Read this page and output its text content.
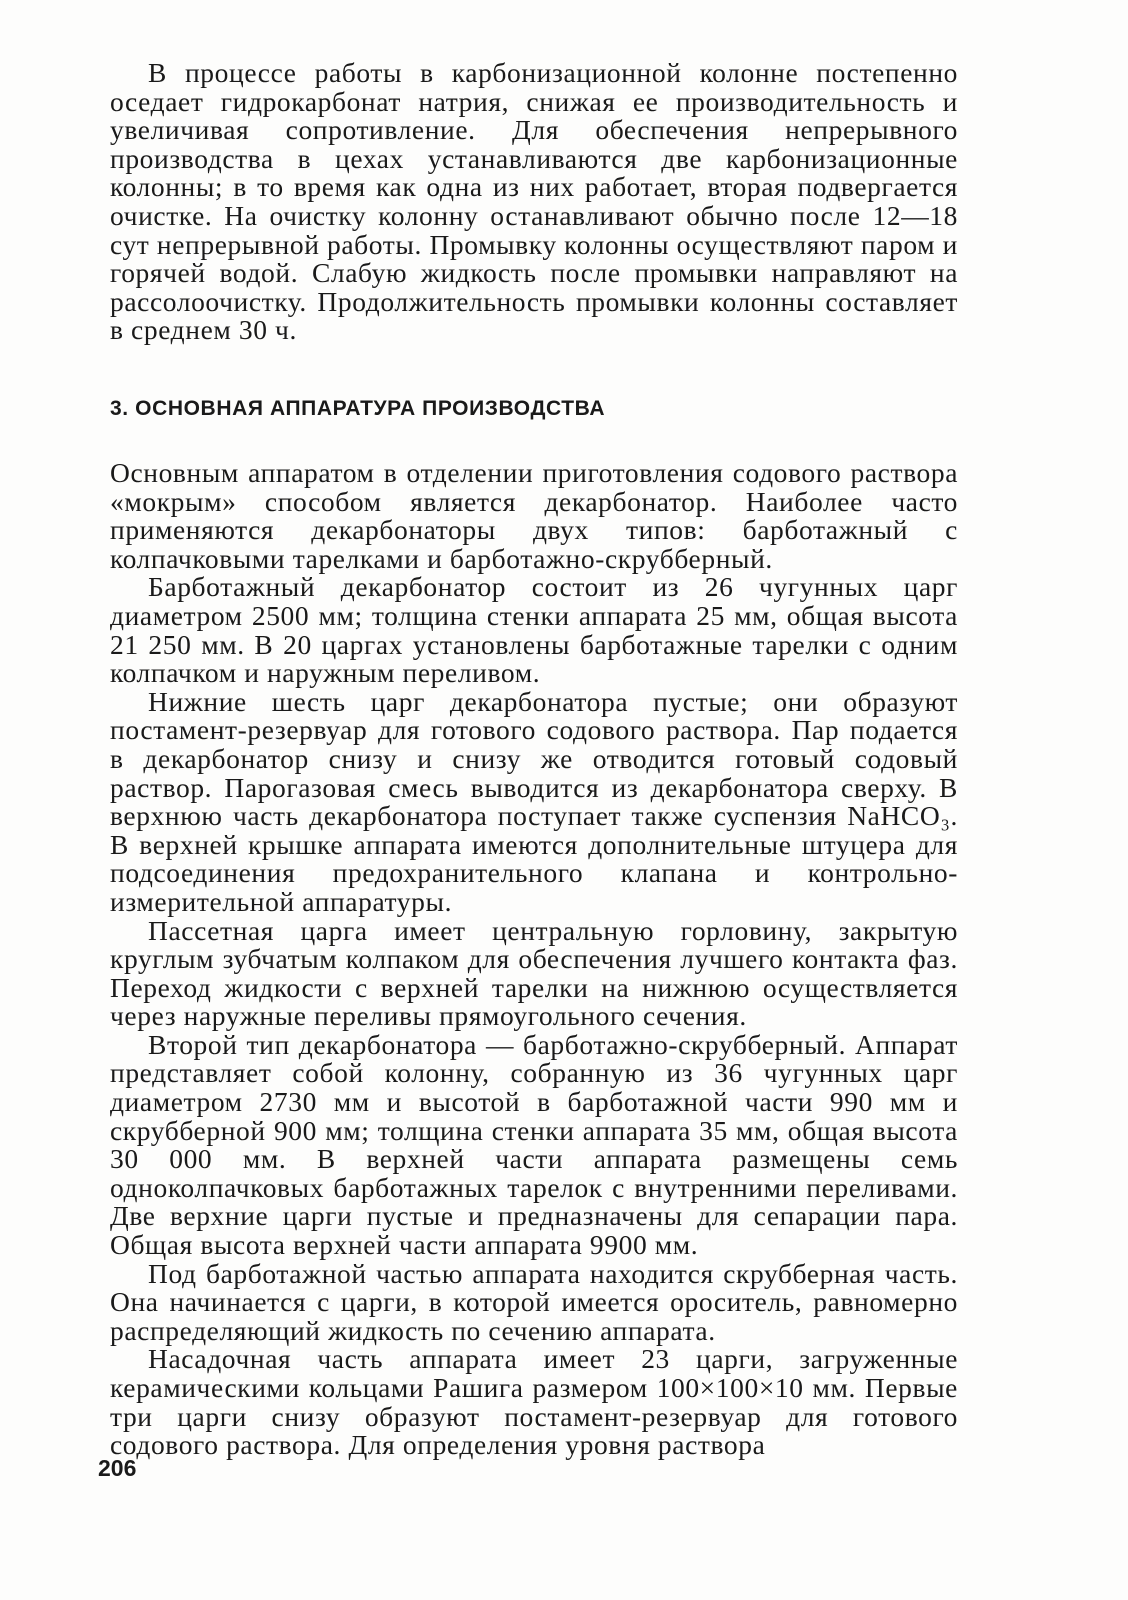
В процессе работы в карбонизационной колонне постепенно оседает гидрокарбонат натрия, снижая ее производительность и увеличивая сопротивление. Для обеспечения непрерывного производства в цехах устанавливаются две карбонизационные колонны; в то время как одна из них работает, вторая подвергается очистке. На очистку колонну останавливают обычно после 12—18 сут непрерывной работы. Промывку колонны осуществляют паром и горячей водой. Слабую жидкость после промывки направляют на рассолоочистку. Продолжительность промывки колонны составляет в среднем 30 ч.

3. ОСНОВНАЯ АППАРАТУРА ПРОИЗВОДСТВА

Основным аппаратом в отделении приготовления содового раствора «мокрым» способом является декарбонатор. Наиболее часто применяются декарбонаторы двух типов: барботажный с колпачковыми тарелками и барботажно-скрубберный.

Барботажный декарбонатор состоит из 26 чугунных царг диаметром 2500 мм; толщина стенки аппарата 25 мм, общая высота 21 250 мм. В 20 царгах установлены барботажные тарелки с одним колпачком и наружным переливом.

Нижние шесть царг декарбонатора пустые; они образуют постамент-резервуар для готового содового раствора. Пар подается в декарбонатор снизу и снизу же отводится готовый содовый раствор. Парогазовая смесь выводится из декарбонатора сверху. В верхнюю часть декарбонатора поступает также суспензия NaHCO₃. В верхней крышке аппарата имеются дополнительные штуцера для подсоединения предохранительного клапана и контрольно-измерительной аппаратуры.

Пассетная царга имеет центральную горловину, закрытую круглым зубчатым колпаком для обеспечения лучшего контакта фаз. Переход жидкости с верхней тарелки на нижнюю осуществляется через наружные переливы прямоугольного сечения.

Второй тип декарбонатора — барботажно-скрубберный. Аппарат представляет собой колонну, собранную из 36 чугунных царг диаметром 2730 мм и высотой в барботажной части 990 мм и скрубберной 900 мм; толщина стенки аппарата 35 мм, общая высота 30 000 мм. В верхней части аппарата размещены семь одноколпачковых барботажных тарелок с внутренними переливами. Две верхние царги пустые и предназначены для сепарации пара. Общая высота верхней части аппарата 9900 мм.

Под барботажной частью аппарата находится скрубберная часть. Она начинается с царги, в которой имеется ороситель, равномерно распределяющий жидкость по сечению аппарата.

Насадочная часть аппарата имеет 23 царги, загруженные керамическими кольцами Рашига размером 100×100×10 мм. Первые три царги снизу образуют постамент-резервуар для готового содового раствора. Для определения уровня раствора

206
